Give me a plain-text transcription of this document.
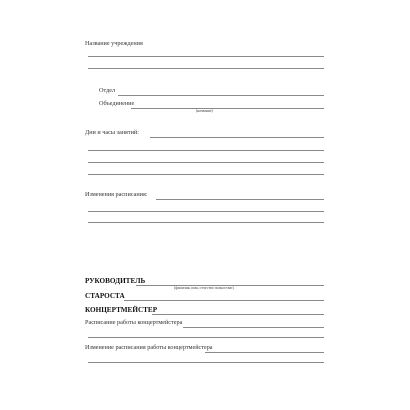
Название учреждения
Отдел
Объединение
(название)
Дни и часы занятий:
Изменения расписания:
РУКОВОДИТЕЛЬ
(фамилия, имя, отчество полностью)
СТАРОСТА
КОНЦЕРТМЕЙСТЕР
Расписание работы концертмейстера
Изменение расписания работы концертмейстера
